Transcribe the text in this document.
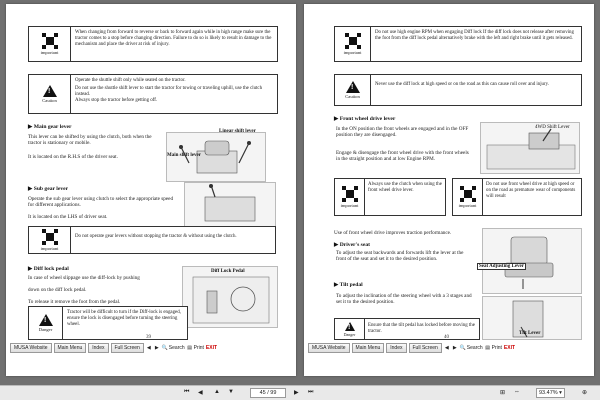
important
When changing from forward to reverse or back to forward again while in high range make sure the tractor comes to a stop before changing direction. Failure to do so is likely to result in damage to the mechanism and place the driver at risk of injury.
!
Caution
Operate the shuttle shift only while seated on the tractor.
Do not use the shuttle shift lever to start the tractor for towing or traveling uphill, use the clutch instead.
Always stop the tractor before getting off.
▶ Main gear lever
This lever can be shifted by using the clutch, both when the tractor is stationary or mobile.
It is located on the R.H.S of the driver seat.
Linear shift lever
Main shift lever
▶ Sub gear lever
Operate the sub gear lever using clutch to select the appropriate speed for different applications.
It is located on the LHS of driver seat.
important
Do not operate gear levers without stopping the tractor & without using the clutch.
▶ Diff lock pedal
In case of wheel slippage use the diff-lock by pushing
down on the diff lock pedal.
To release it remove the foot from the pedal.
Diff Lock Pedal
!
Danger
Tractor will be difficult to turn if the Diff-lock is engaged, ensure the lock is disengaged before turning the steering wheel.
39
important
Do not use high engine RPM when engaging Diff lock If the diff lock does not release after removing the foot from the diff lock pedal alternatively brake with the left and right brake until it gets released.
!
Caution
Never use the diff lock at high speed or on the road as this can cause roll over and injury.
▶ Front wheel drive lever
In the ON position the front wheels are engaged and in the OFF position they are disengaged.
Engage & disengage the front wheel drive with the front wheels in the straight position and at low Engine RPM.
4WD Shift Lever
important
Always use the clutch when using the front wheel drive lever.
important
Do not use front wheel drive at high speed or on the road as premature wear of components will result
Use of front wheel drive improves traction performance.
▶ Driver's seat
To adjust the seat backwards and forwards lift the lever at the front of the seat and set it to the desired position.
Seat Adjusting Lever
▶ Tilt pedal
To adjust the inclination of the steering wheel with a 3 stages and set it to the desired position.
Tilt Lever
!
Danger
Ensure that the tilt pedal has locked before moving the tractor.
40
MUSA Website	Main Menu	Index	Full Screen	◀ ▶ 🔍 Search ▤ Print EXIT	MUSA Website	Main Menu	Index	Full Screen	◀ ▶ 🔍 Search ▤ Print EXIT
⏮ ◀ ▲ ▼	45 / 99	▶ ⏭	⊞ ⇔	93.47% ▾	⊕
